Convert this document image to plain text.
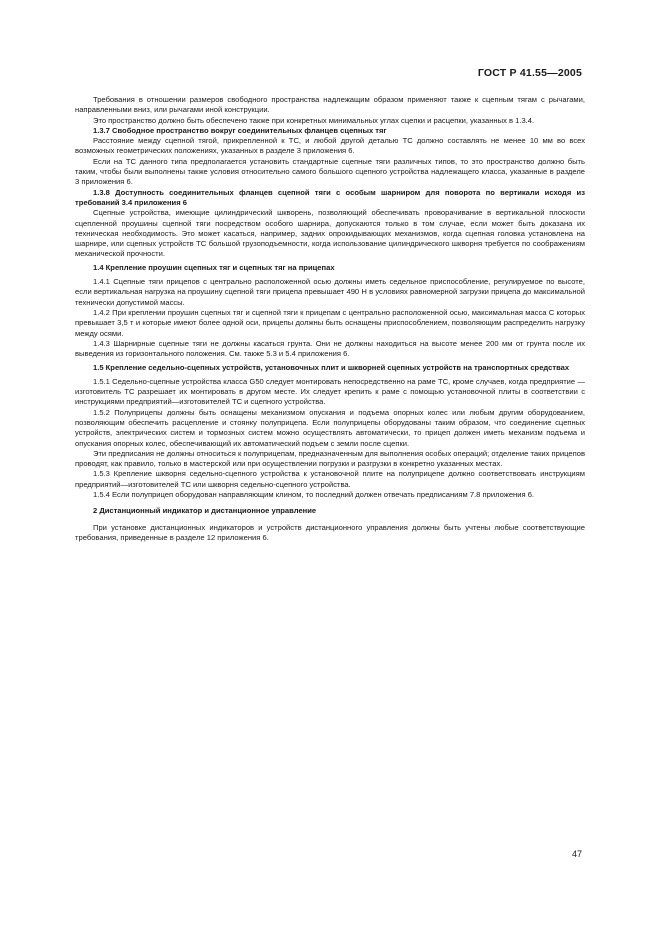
ГОСТ Р 41.55—2005

Требования в отношении размеров свободного пространства надлежащим образом применяют также к сцепным тягам с рычагами, направленными вниз, или рычагами иной конструкции.

Это пространство должно быть обеспечено также при конкретных минимальных углах сцепки и расцепки, указанных в 1.3.4.

1.3.7 Свободное пространство вокруг соединительных фланцев сцепных тяг

Расстояние между сцепной тягой, прикрепленной к ТС, и любой другой деталью ТС должно составлять не менее 10 мм во всех возможных геометрических положениях, указанных в разделе 3 приложения 6.

Если на ТС данного типа предполагается установить стандартные сцепные тяги различных типов, то это пространство должно быть таким, чтобы были выполнены также условия относительно самого большого сцепного устройства надлежащего класса, указанные в разделе 3 приложения 6.

1.3.8 Доступность соединительных фланцев сцепной тяги с особым шарниром для поворота по вертикали исходя из требований 3.4 приложения 6

Сцепные устройства, имеющие цилиндрический шкворень, позволяющий обеспечивать проворачивание в вертикальной плоскости сцепленной проушины сцепной тяги посредством особого шарнира, допускаются только в том случае, если может быть доказана их техническая необходимость. Это может касаться, например, задних опрокидывающих механизмов, когда сцепная головка установлена на шарнире, или сцепных устройств ТС большой грузоподъемности, когда использование цилиндрического шкворня требуется по соображениям механической прочности.

1.4 Крепление проушин сцепных тяг и сцепных тяг на прицепах

1.4.1 Сцепные тяги прицепов с центрально расположенной осью должны иметь седельное приспособление, регулируемое по высоте, если вертикальная нагрузка на проушину сцепной тяги прицепа превышает 490 Н в условиях равномерной загрузки прицепа до максимальной технически допустимой массы.

1.4.2 При креплении проушин сцепных тяг и сцепной тяги к прицепам с центрально расположенной осью, максимальная масса С которых превышает 3,5 т и которые имеют более одной оси, прицепы должны быть оснащены приспособлением, позволяющим распределить нагрузку между осями.

1.4.3 Шарнирные сцепные тяги не должны касаться грунта. Они не должны находиться на высоте менее 200 мм от грунта после их выведения из горизонтального положения. См. также 5.3 и 5.4 приложения 6.

1.5 Крепление седельно-сцепных устройств, установочных плит и шкворней сцепных устройств на транспортных средствах

1.5.1 Седельно-сцепные устройства класса G50 следует монтировать непосредственно на раме ТС, кроме случаев, когда предприятие — изготовитель ТС разрешает их монтировать в другом месте. Их следует крепить к раме с помощью установочной плиты в соответствии с инструкциями предприятий—изготовителей ТС и сцепного устройства.

1.5.2 Полуприцепы должны быть оснащены механизмом опускания и подъема опорных колес или любым другим оборудованием, позволяющим обеспечить расцепление и стоянку полуприцепа. Если полуприцепы оборудованы таким образом, что соединение сцепных устройств, электрических систем и тормозных систем можно осуществлять автоматически, то прицеп должен иметь механизм подъема и опускания опорных колес, обеспечивающий их автоматический подъем с земли после сцепки.

Эти предписания не должны относиться к полуприцепам, предназначенным для выполнения особых операций; отделение таких прицепов проводят, как правило, только в мастерской или при осуществлении погрузки и разгрузки в конкретно указанных местах.

1.5.3 Крепление шкворня седельно-сцепного устройства к установочной плите на полуприцепе должно соответствовать инструкциям предприятий—изготовителей ТС или шкворня седельно-сцепного устройства.

1.5.4 Если полуприцеп оборудован направляющим клином, то последний должен отвечать предписаниям 7.8 приложения 6.

2 Дистанционный индикатор и дистанционное управление

При установке дистанционных индикаторов и устройств дистанционного управления должны быть учтены любые соответствующие требования, приведенные в разделе 12 приложения 6.

47
